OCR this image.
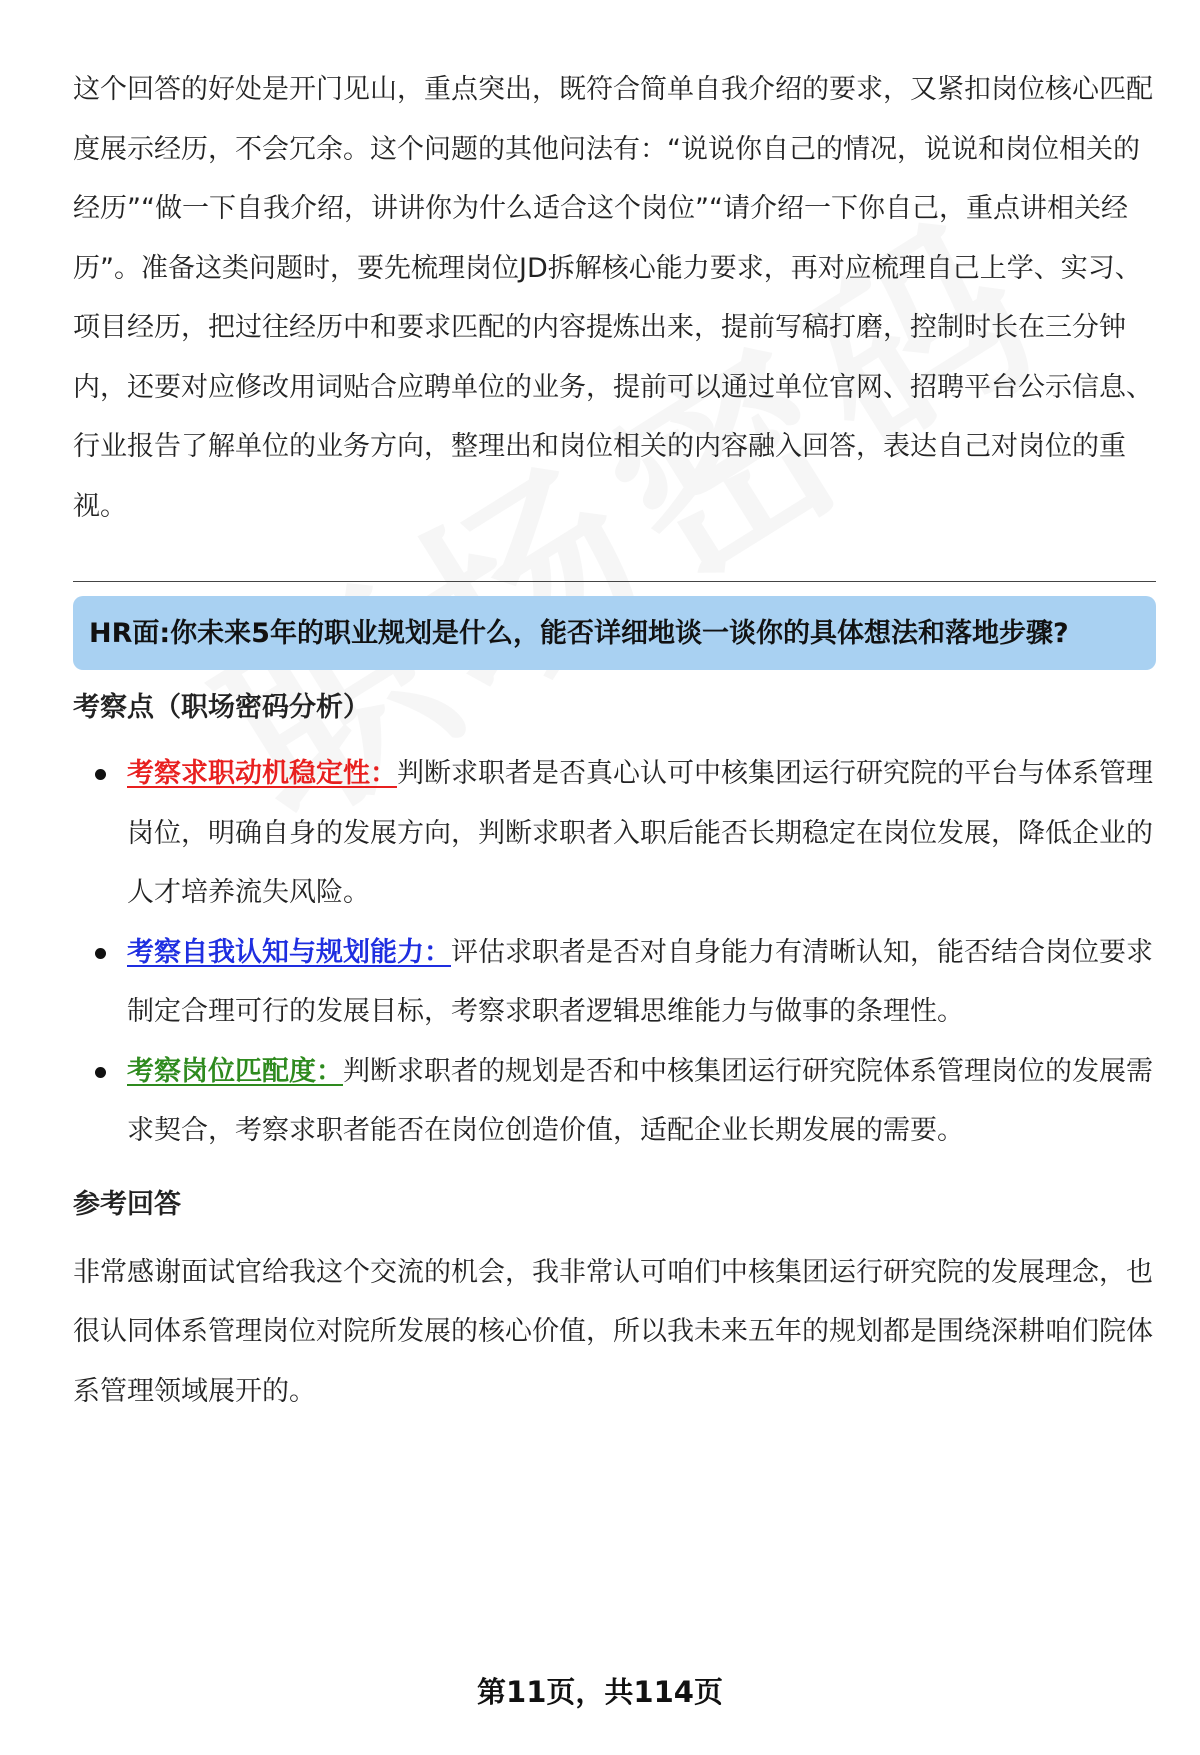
这个回答的好处是开门见山，重点突出，既符合简单自我介绍的要求，又紧扣岗位核心匹配度展示经历，不会冗余。这个问题的其他问法有：“说说你自己的情况，说说和岗位相关的经历”“做一下自我介绍，讲讲你为什么适合这个岗位”“请介绍一下你自己，重点讲相关经历”。准备这类问题时，要先梳理岗位JD拆解核心能力要求，再对应梳理自己上学、实习、项目经历，把过往经历中和要求匹配的内容提炼出来，提前写稿打磨，控制时长在三分钟内，还要对应修改用词贴合应聘单位的业务，提前可以通过单位官网、招聘平台公示信息、行业报告了解单位的业务方向，整理出和岗位相关的内容融入回答，表达自己对岗位的重视。

HR面:你未来5年的职业规划是什么，能否详细地谈一谈你的具体想法和落地步骤?
考察点（职场密码分析）
考察求职动机稳定性：判断求职者是否真心认可中核集团运行研究院的平台与体系管理岗位，明确自身的发展方向，判断求职者入职后能否长期稳定在岗位发展，降低企业的人才培养流失风险。
考察自我认知与规划能力：评估求职者是否对自身能力有清晰认知，能否结合岗位要求制定合理可行的发展目标，考察求职者逻辑思维能力与做事的条理性。
考察岗位匹配度：判断求职者的规划是否和中核集团运行研究院体系管理岗位的发展需求契合，考察求职者能否在岗位创造价值，适配企业长期发展的需要。
参考回答

非常感谢面试官给我这个交流的机会，我非常认可咱们中核集团运行研究院的发展理念，也很认同体系管理岗位对院所发展的核心价值，所以我未来五年的规划都是围绕深耕咱们院体系管理领域展开的。

第11页，共114页
